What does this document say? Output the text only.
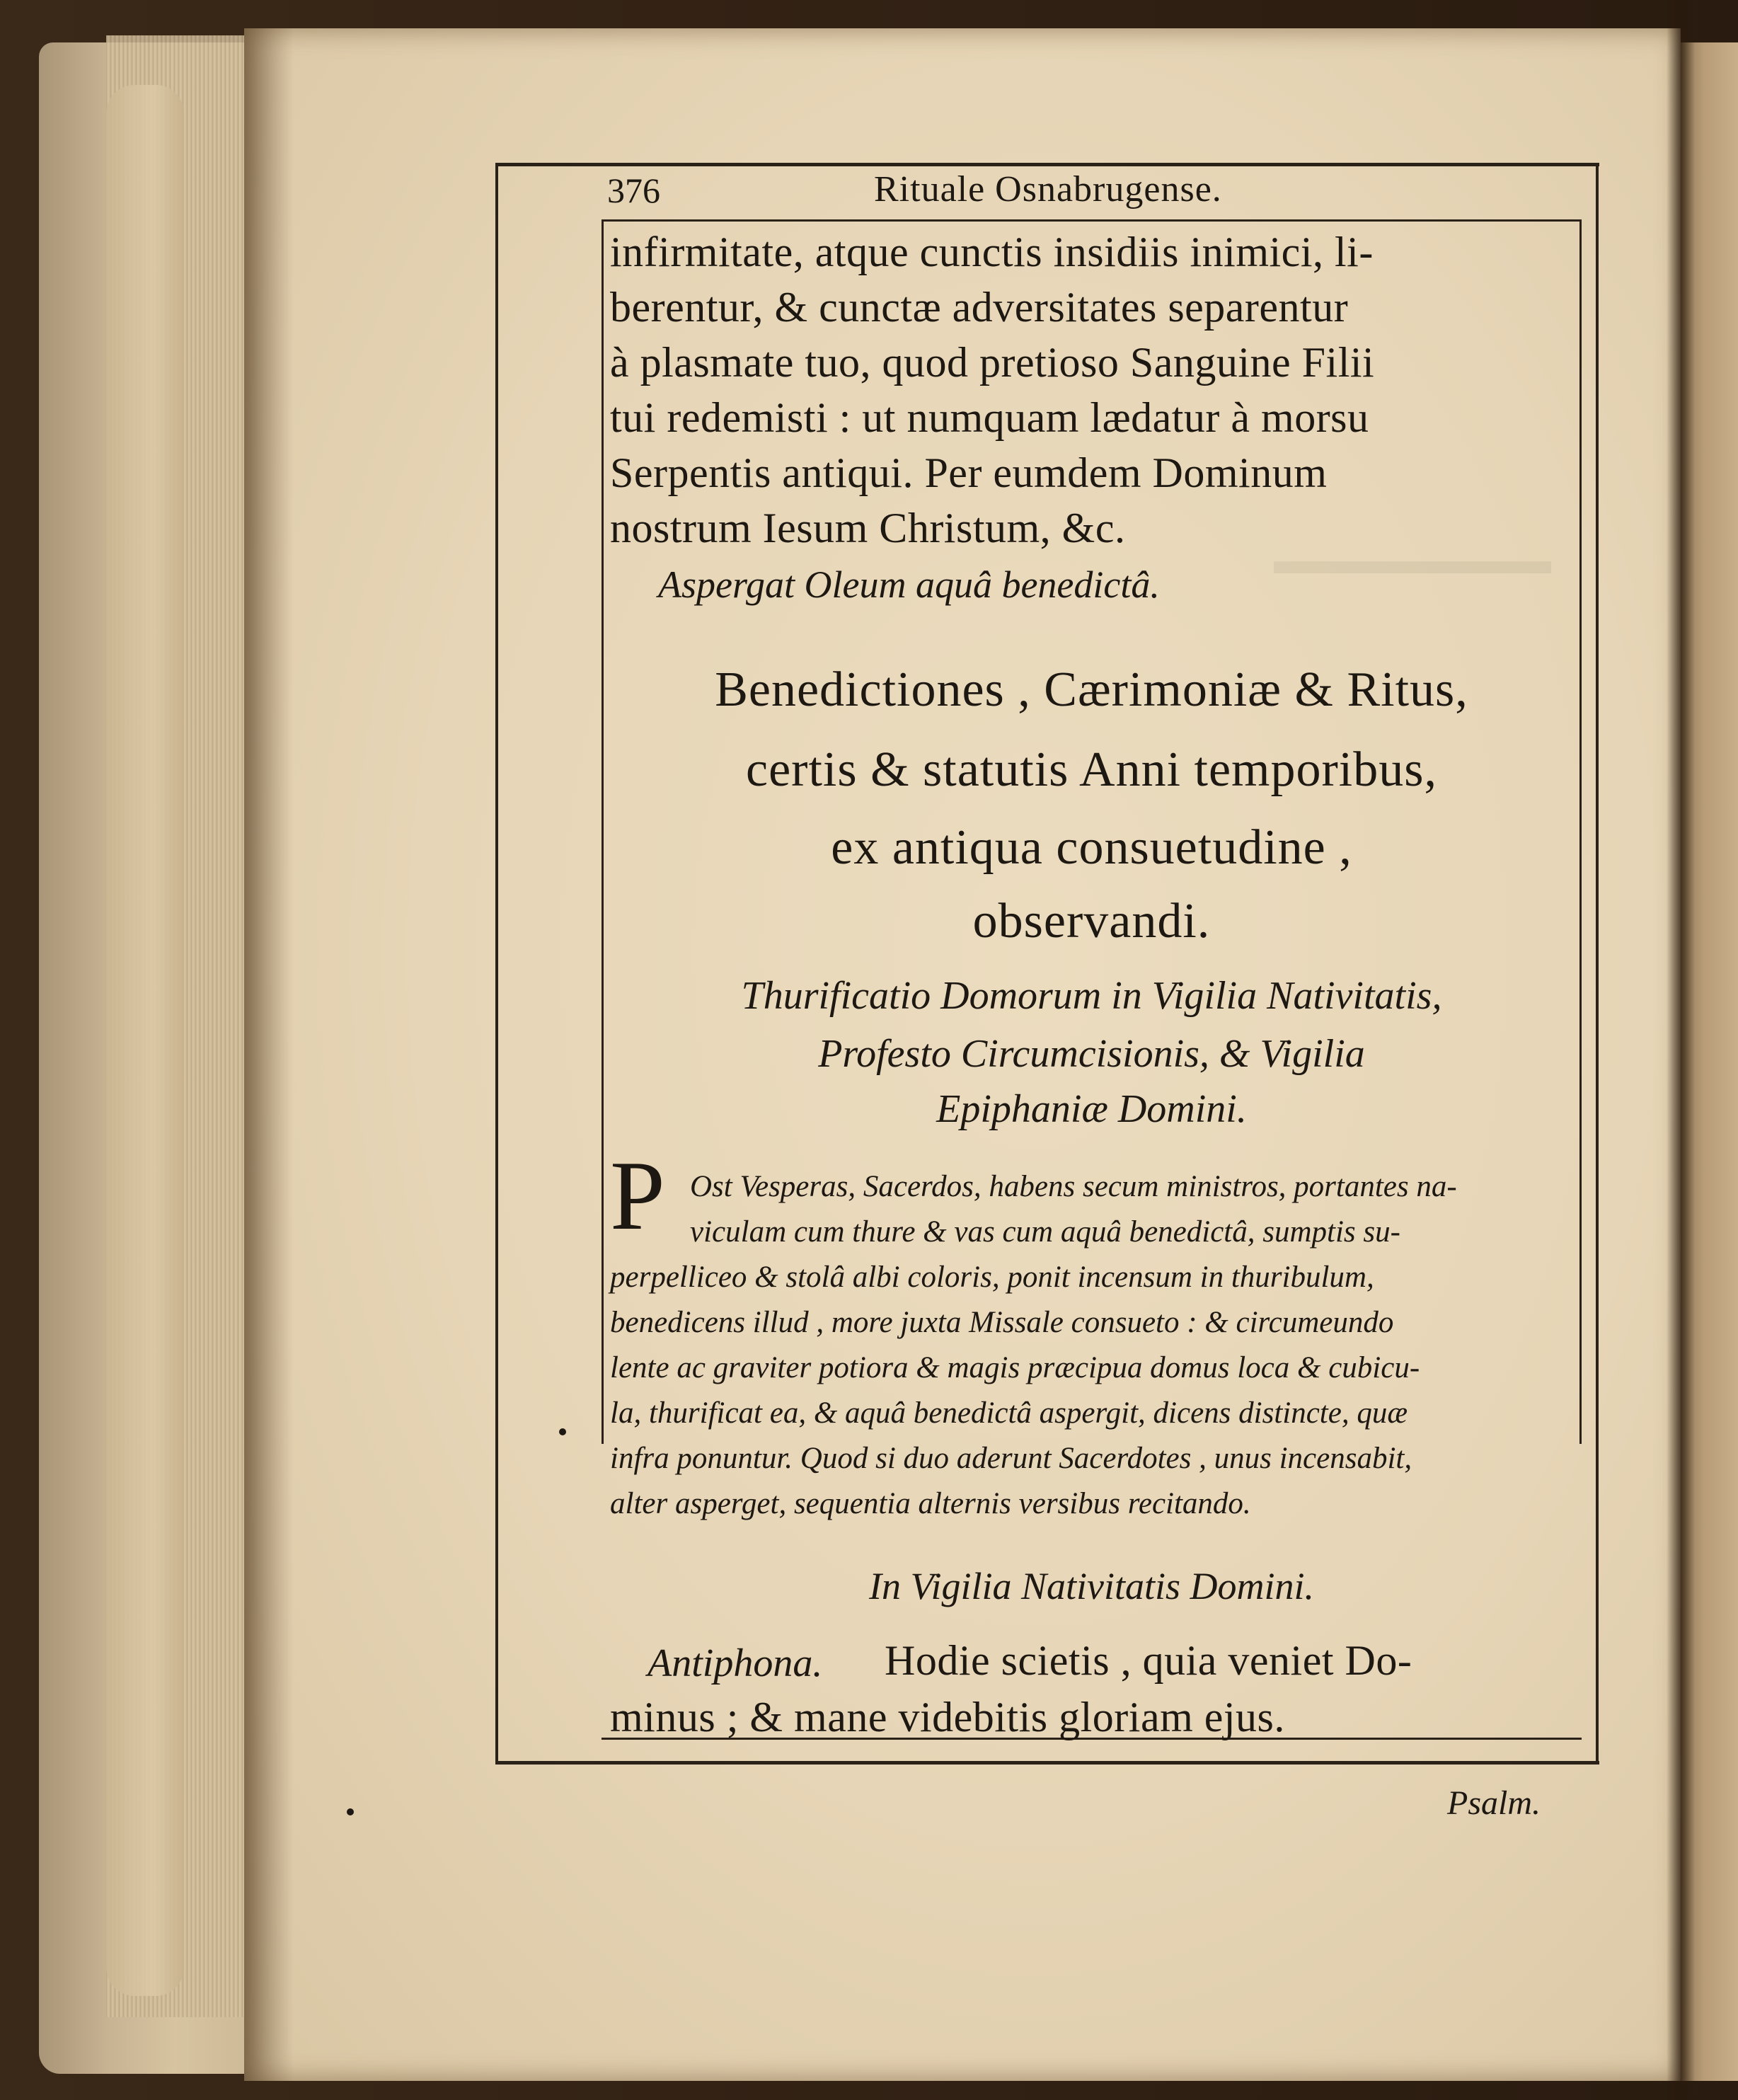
▬▬▬▬▬▬▬
376	Rituale Osnabrugense.
infirmitate, atque cunctis insidiis inimici, li-
berentur, & cunctæ adversitates separentur
à plasmate tuo, quod pretioso Sanguine Filii
tui redemisti : ut numquam lædatur à morsu
Serpentis antiqui. Per eumdem Dominum
nostrum Iesum Christum, &c.
Aspergat Oleum aquâ benedictâ.
Benedictiones , Cærimoniæ & Ritus,
certis & statutis Anni temporibus,
ex antiqua consuetudine ,
observandi.
Thurificatio Domorum in Vigilia Nativitatis,
Profesto Circumcisionis, & Vigilia
Epiphaniæ Domini.
P Ost Vesperas, Sacerdos, habens secum ministros, portantes na-
viculam cum thure & vas cum aquâ benedictâ, sumptis su-
perpelliceo & stolâ albi coloris, ponit incensum in thuribulum,
benedicens illud , more juxta Missale consueto : & circumeundo
lente ac graviter potiora & magis præcipua domus loca & cubicu-
la, thurificat ea, & aquâ benedictâ aspergit, dicens distincte, quæ
infra ponuntur. Quod si duo aderunt Sacerdotes , unus incensabit,
alter asperget, sequentia alternis versibus recitando.
In Vigilia Nativitatis Domini.
Antiphona. Hodie scietis , quia veniet Do-
minus ; & mane videbitis gloriam ejus.
Psalm.
